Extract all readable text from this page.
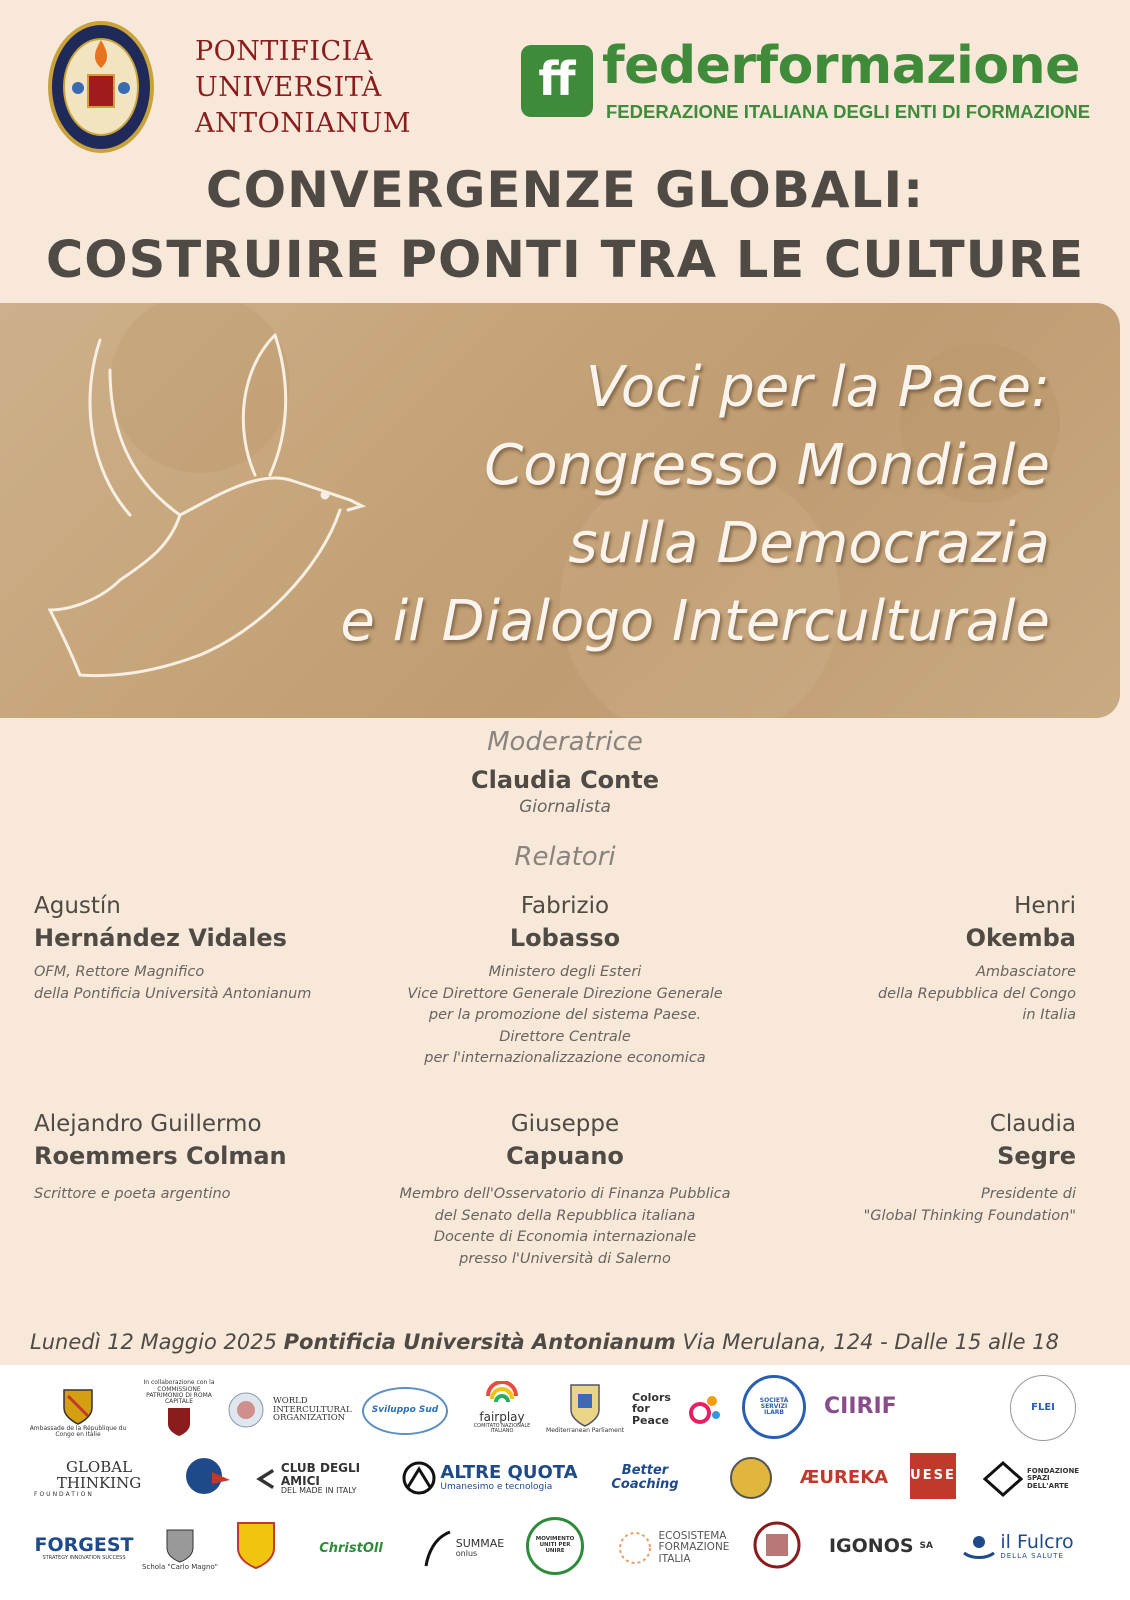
PONTIFICIA
UNIVERSITÀ
ANTONIANUM
ff federformazione
FEDERAZIONE ITALIANA DEGLI ENTI DI FORMAZIONE
CONVERGENZE GLOBALI:
COSTRUIRE PONTI TRA LE CULTURE
Voci per la Pace:
Congresso Mondiale
sulla Democrazia
e il Dialogo Interculturale
Moderatrice
Claudia Conte
Giornalista
Relatori
Agustín
Hernández Vidales
OFM, Rettore Magnifico
della Pontificia Università Antonianum
Fabrizio
Lobasso
Ministero degli Esteri
Vice Direttore Generale Direzione Generale
per la promozione del sistema Paese.
Direttore Centrale
per l'internazionalizzazione economica
Henri
Okemba
Ambasciatore
della Repubblica del Congo
in Italia
Alejandro Guillermo
Roemmers Colman
Scrittore e poeta argentino
Giuseppe
Capuano
Membro dell'Osservatorio di Finanza Pubblica
del Senato della Repubblica italiana
Docente di Economia internazionale
presso l'Università di Salerno
Claudia
Segre
Presidente di
"Global Thinking Foundation"
Lunedì 12 Maggio 2025 Pontificia Università Antonianum Via Merulana, 124 - Dalle 15 alle 18
Ambassade de la République du Congo en Italie
In collaborazione con la COMMISSIONE PATRIMONIO DI ROMA CAPITALE	WORLD INTERCULTURAL ORGANIZATION
Sviluppo Sud
fairplay
COMITATO NAZIONALE ITALIANO	Mediterranean Parliament
Colors for Peace
SOCIETÀ SERVIZI ILARB	CIIRIF	FLEI
GLOBAL THINKING
FOUNDATION
CLUB DEGLI AMICI
DEL MADE IN ITALY
ALTRE QUOTA
Umanesimo e tecnologia
Better Coaching	ÆUREKA	UESE	FONDAZIONE SPAZI DELL'ARTE
FORGEST
STRATEGY INNOVATION SUCCESS
Schola "Carlo Magno"
ChristOll	SUMMAE
onlus
MOVIMENTO UNITI PER UNIRE
ECOSISTEMA
FORMAZIONE
ITALIA
IGONOS SA	il Fulcro
DELLA SALUTE
